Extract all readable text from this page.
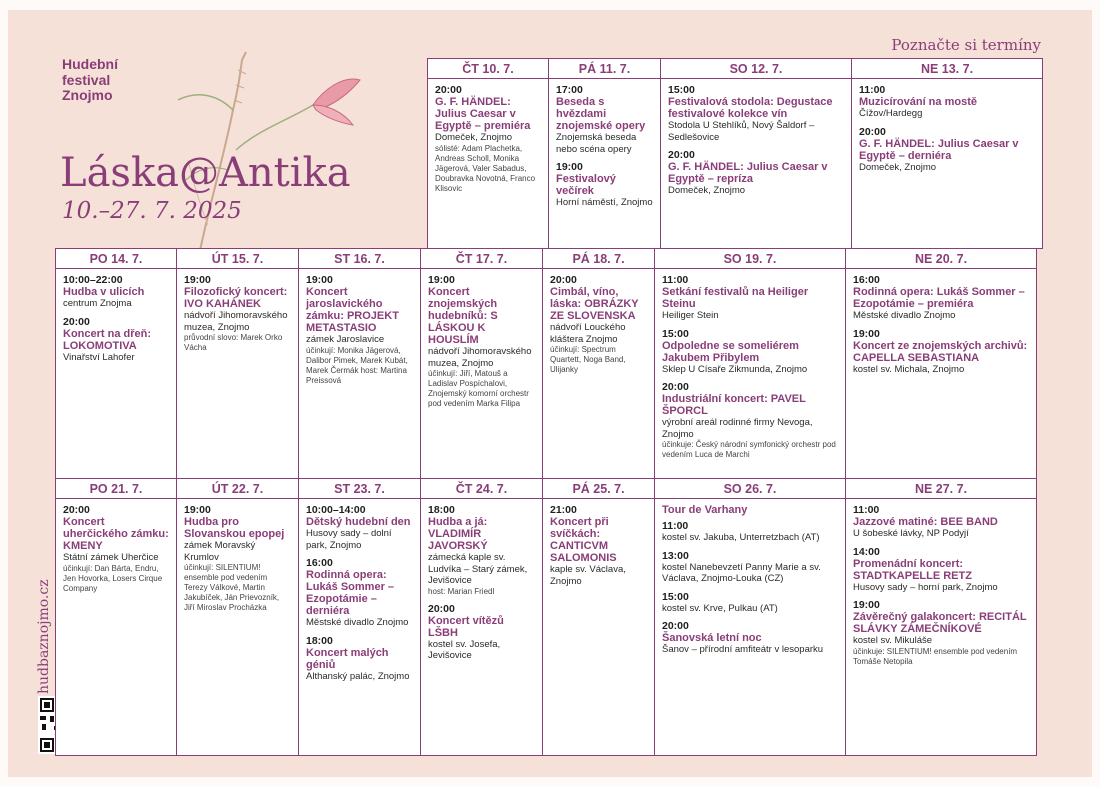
Poznačte si termíny
Hudební
festival
Znojmo
Láska@Antika
10.–27. 7. 2025
hudbaznojmo.cz
ČT 10. 7.
20:00
G. F. HÄNDEL: Julius Caesar v Egyptě – premiéra
Domeček, Znojmo
sólisté: Adam Plachetka, Andreas Scholl, Monika Jägerová, Valer Sabadus, Doubravka Novotná, Franco Klisovic
PÁ 11. 7.
17:00
Beseda s hvězdami znojemské opery
Znojemská beseda nebo scéna opery
19:00
Festivalový večírek
Horní náměstí, Znojmo
SO 12. 7.
15:00
Festivalová stodola: Degustace festivalové kolekce vín
Stodola U Stehlíků, Nový Šaldorf – Sedlešovice
20:00
G. F. HÄNDEL: Julius Caesar v Egyptě – repríza
Domeček, Znojmo
NE 13. 7.
11:00
Muzicírování na mostě
Čížov/Hardegg
20:00
G. F. HÄNDEL: Julius Caesar v Egyptě – derniéra
Domeček, Znojmo
PO 14. 7.
10:00–22:00
Hudba v ulicích
centrum Znojma
20:00
Koncert na dřeň: LOKOMOTIVA
Vinařství Lahofer
ÚT 15. 7.
19:00
Filozofický koncert: IVO KAHÁNEK
nádvoří Jihomoravského muzea, Znojmo
průvodní slovo: Marek Orko Vácha
ST 16. 7.
19:00
Koncert jaroslavického zámku: PROJEKT METASTASIO
zámek Jaroslavice
účinkují: Monika Jägerová, Dalibor Pimek, Marek Kubát, Marek Čermák host: Martina Preissová
ČT 17. 7.
19:00
Koncert znojemských hudebníků: S LÁSKOU K HOUSLÍM
nádvoří Jihomoravského muzea, Znojmo
účinkují: Jiří, Matouš a Ladislav Pospíchalovi, Znojemský komorní orchestr pod vedením Marka Filipa
PÁ 18. 7.
20:00
Cimbál, víno, láska: OBRÁZKY ZE SLOVENSKA
nádvoří Louckého kláštera Znojmo
účinkují: Spectrum Quartett, Noga Band, Ulijanky
SO 19. 7.
11:00
Setkání festivalů na Heiliger Steinu
Heiliger Stein
15:00
Odpoledne se someliérem Jakubem Přibylem
Sklep U Císaře Zikmunda, Znojmo
20:00
Industriální koncert: PAVEL ŠPORCL
výrobní areál rodinné firmy Nevoga, Znojmo
účinkuje: Český národní symfonický orchestr pod vedením Luca de Marchi
NE 20. 7.
16:00
Rodinná opera: Lukáš Sommer – Ezopotámie – premiéra
Městské divadlo Znojmo
19:00
Koncert ze znojemských archivů: CAPELLA SEBASTIANA
kostel sv. Michala, Znojmo
PO 21. 7.
20:00
Koncert uherčického zámku: KMENY
Státní zámek Uherčice
účinkují: Dan Bárta, Endru, Jen Hovorka, Losers Cirque Company
ÚT 22. 7.
19:00
Hudba pro Slovanskou epopej
zámek Moravský Krumlov
účinkují: SILENTIUM! ensemble pod vedením Terezy Válkové, Martin Jakubíček, Ján Prievozník, Jiří Miroslav Procházka
ST 23. 7.
10:00–14:00
Dětský hudební den
Husovy sady – dolní park, Znojmo
16:00
Rodinná opera: Lukáš Sommer – Ezopotámie – derniéra
Městské divadlo Znojmo
18:00
Koncert malých géniů
Althanský palác, Znojmo
ČT 24. 7.
18:00
Hudba a já: VLADIMÍR JAVORSKÝ
zámecká kaple sv. Ludvíka – Starý zámek, Jevišovice
host: Marian Friedl
20:00
Koncert vítězů LŠBH
kostel sv. Josefa, Jevišovice
PÁ 25. 7.
21:00
Koncert při svíčkách: CANTICVM SALOMONIS
kaple sv. Václava, Znojmo
SO 26. 7.
Tour de Varhany
11:00
kostel sv. Jakuba, Unterretzbach (AT)
13:00
kostel Nanebevzetí Panny Marie a sv. Václava, Znojmo-Louka (CZ)
15:00
kostel sv. Krve, Pulkau (AT)
20:00
Šanovská letní noc
Šanov – přírodní amfiteátr v lesoparku
NE 27. 7.
11:00
Jazzové matiné: BEE BAND
U šobeské lávky, NP Podyjí
14:00
Promenádní koncert: STADTKAPELLE RETZ
Husovy sady – horní park, Znojmo
19:00
Závěrečný galakoncert: RECITÁL SLÁVKY ZÁMEČNÍKOVÉ
kostel sv. Mikuláše
účinkuje: SILENTIUM! ensemble pod vedením Tomáše Netopila
